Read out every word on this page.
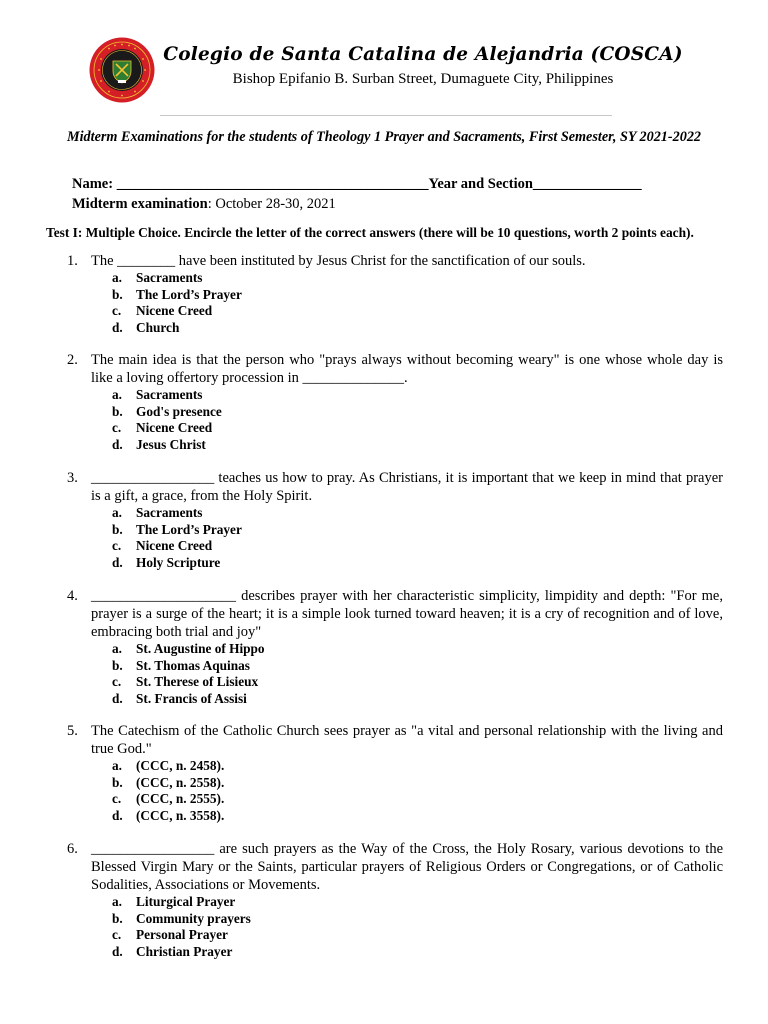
Colegio de Santa Catalina de Alejandria (COSCA)
Bishop Epifanio B. Surban Street, Dumaguete City, Philippines
Midterm Examinations for the students of Theology 1 Prayer and Sacraments, First Semester, SY 2021-2022
Name: ___________________________________________Year and Section_______________
Midterm examination: October 28-30, 2021
Test I: Multiple Choice. Encircle the letter of the correct answers (there will be 10 questions, worth 2 points each).
1. The ________ have been instituted by Jesus Christ for the sanctification of our souls.
a. Sacraments
b. The Lord’s Prayer
c. Nicene Creed
d. Church
2. The main idea is that the person who "prays always without becoming weary" is one whose whole day is like a loving offertory procession in ______________.
a. Sacraments
b. God's presence
c. Nicene Creed
d. Jesus Christ
3. _________________ teaches us how to pray. As Christians, it is important that we keep in mind that prayer is a gift, a grace, from the Holy Spirit.
a. Sacraments
b. The Lord’s Prayer
c. Nicene Creed
d. Holy Scripture
4. ____________________ describes prayer with her characteristic simplicity, limpidity and depth: "For me, prayer is a surge of the heart; it is a simple look turned toward heaven; it is a cry of recognition and of love, embracing both trial and joy"
a. St. Augustine of Hippo
b. St. Thomas Aquinas
c. St. Therese of Lisieux
d. St. Francis of Assisi
5. The Catechism of the Catholic Church sees prayer as "a vital and personal relationship with the living and true God."
a. (CCC, n. 2458).
b. (CCC, n. 2558).
c. (CCC, n. 2555).
d. (CCC, n. 3558).
6. _________________ are such prayers as the Way of the Cross, the Holy Rosary, various devotions to the Blessed Virgin Mary or the Saints, particular prayers of Religious Orders or Congregations, or of Catholic Sodalities, Associations or Movements.
a. Liturgical Prayer
b. Community prayers
c. Personal Prayer
d. Christian Prayer
